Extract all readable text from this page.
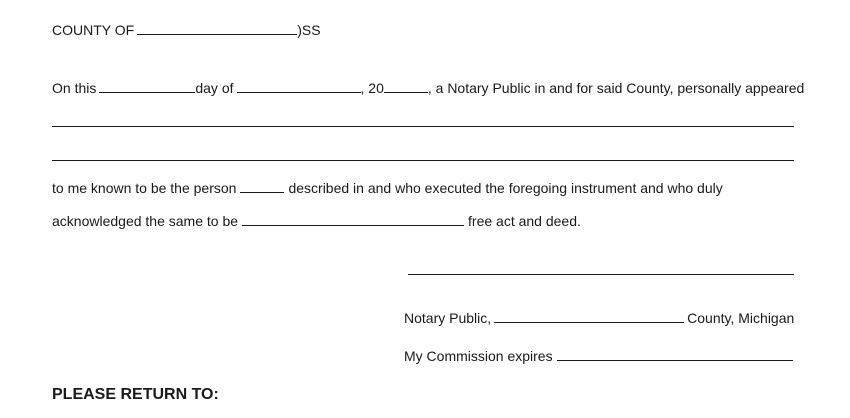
COUNTY OF	)SS
On this	day of	, 20	, a Notary Public in and for said County, personally appeared
to me known to be the person	described in and who executed the foregoing instrument and who duly
acknowledged the same to be	free act and deed.
Notary Public,	County, Michigan
My Commission expires
PLEASE RETURN TO:
